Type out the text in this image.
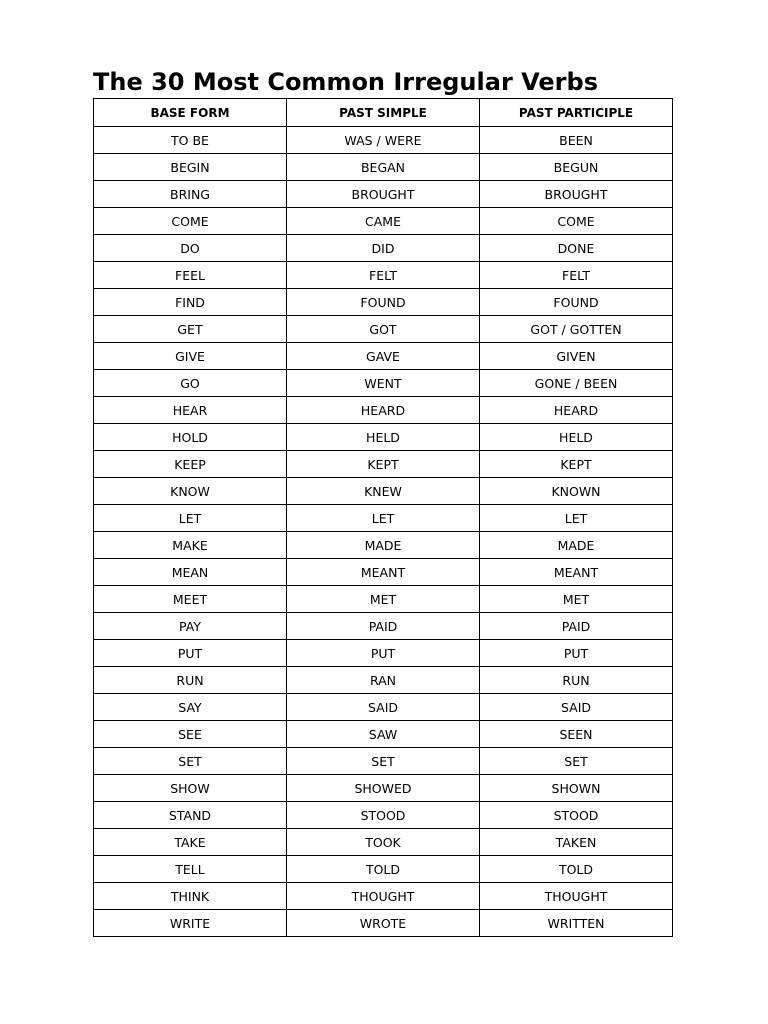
The 30 Most Common Irregular Verbs
BASE FORM	PAST SIMPLE	PAST PARTICIPLE
TO BE	WAS / WERE	BEEN
BEGIN	BEGAN	BEGUN
BRING	BROUGHT	BROUGHT
COME	CAME	COME
DO	DID	DONE
FEEL	FELT	FELT
FIND	FOUND	FOUND
GET	GOT	GOT / GOTTEN
GIVE	GAVE	GIVEN
GO	WENT	GONE / BEEN
HEAR	HEARD	HEARD
HOLD	HELD	HELD
KEEP	KEPT	KEPT
KNOW	KNEW	KNOWN
LET	LET	LET
MAKE	MADE	MADE
MEAN	MEANT	MEANT
MEET	MET	MET
PAY	PAID	PAID
PUT	PUT	PUT
RUN	RAN	RUN
SAY	SAID	SAID
SEE	SAW	SEEN
SET	SET	SET
SHOW	SHOWED	SHOWN
STAND	STOOD	STOOD
TAKE	TOOK	TAKEN
TELL	TOLD	TOLD
THINK	THOUGHT	THOUGHT
WRITE	WROTE	WRITTEN
